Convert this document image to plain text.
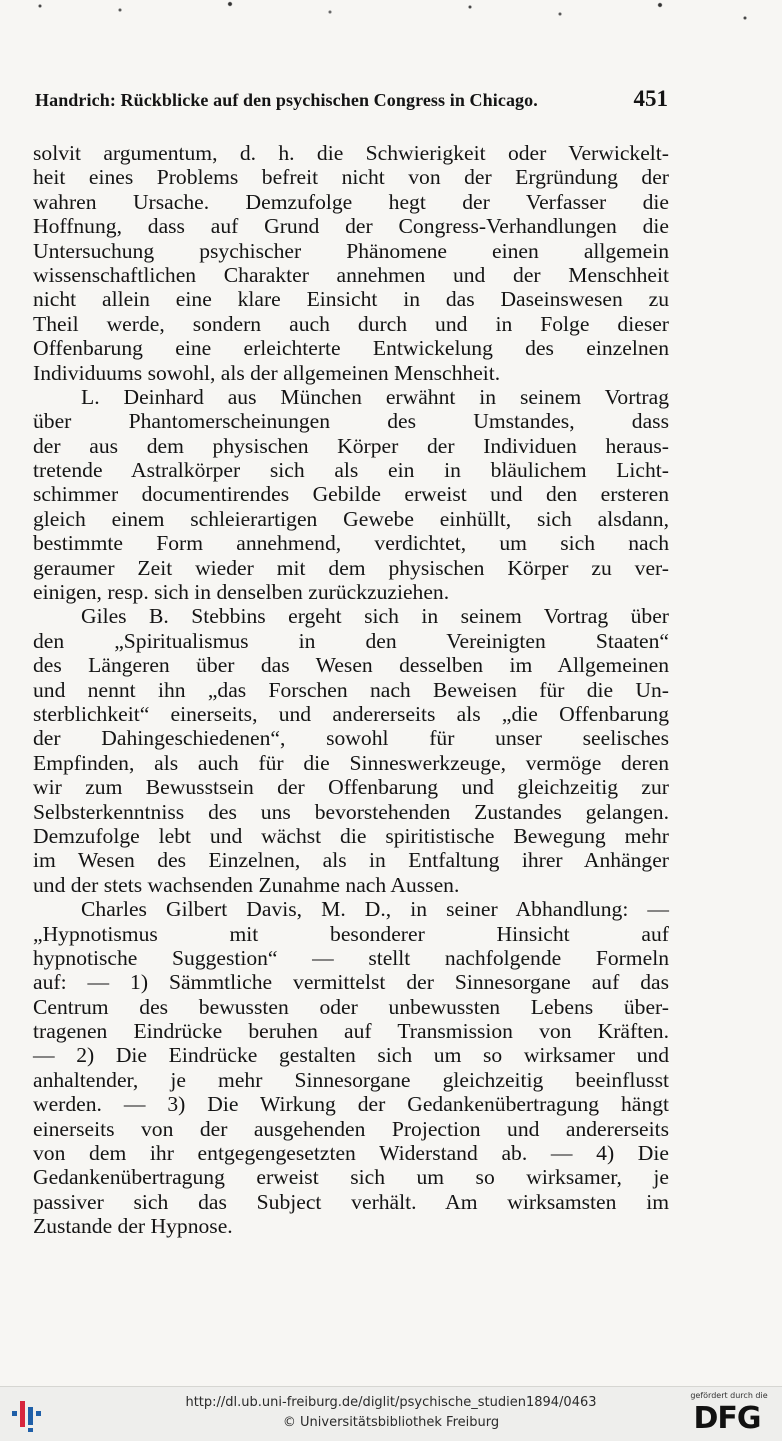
Handrich: Rückblicke auf den psychischen Congress in Chicago.	451
solvit argumentum, d. h. die Schwierigkeit oder Verwickelt-
heit eines Problems befreit nicht von der Ergründung der
wahren Ursache. Demzufolge hegt der Verfasser die
Hoffnung, dass auf Grund der Congress-Verhandlungen die
Untersuchung psychischer Phänomene einen allgemein
wissenschaftlichen Charakter annehmen und der Menschheit
nicht allein eine klare Einsicht in das Daseinswesen zu
Theil werde, sondern auch durch und in Folge dieser
Offenbarung eine erleichterte Entwickelung des einzelnen
Individuums sowohl, als der allgemeinen Menschheit.
L. Deinhard aus München erwähnt in seinem Vortrag
über Phantomerscheinungen des Umstandes, dass
der aus dem physischen Körper der Individuen heraus-
tretende Astralkörper sich als ein in bläulichem Licht-
schimmer documentirendes Gebilde erweist und den ersteren
gleich einem schleierartigen Gewebe einhüllt, sich alsdann,
bestimmte Form annehmend, verdichtet, um sich nach
geraumer Zeit wieder mit dem physischen Körper zu ver-
einigen, resp. sich in denselben zurückzuziehen.
Giles B. Stebbins ergeht sich in seinem Vortrag über
den „Spiritualismus in den Vereinigten Staaten“
des Längeren über das Wesen desselben im Allgemeinen
und nennt ihn „das Forschen nach Beweisen für die Un-
sterblichkeit“ einerseits, und andererseits als „die Offenbarung
der Dahingeschiedenen“, sowohl für unser seelisches
Empfinden, als auch für die Sinneswerkzeuge, vermöge deren
wir zum Bewusstsein der Offenbarung und gleichzeitig zur
Selbsterkenntniss des uns bevorstehenden Zustandes gelangen.
Demzufolge lebt und wächst die spiritistische Bewegung mehr
im Wesen des Einzelnen, als in Entfaltung ihrer Anhänger
und der stets wachsenden Zunahme nach Aussen.
Charles Gilbert Davis, M. D., in seiner Abhandlung: —
„Hypnotismus mit besonderer Hinsicht auf
hypnotische Suggestion“ — stellt nachfolgende Formeln
auf: — 1) Sämmtliche vermittelst der Sinnesorgane auf das
Centrum des bewussten oder unbewussten Lebens über-
tragenen Eindrücke beruhen auf Transmission von Kräften.
— 2) Die Eindrücke gestalten sich um so wirksamer und
anhaltender, je mehr Sinnesorgane gleichzeitig beeinflusst
werden. — 3) Die Wirkung der Gedankenübertragung hängt
einerseits von der ausgehenden Projection und andererseits
von dem ihr entgegengesetzten Widerstand ab. — 4) Die
Gedankenübertragung erweist sich um so wirksamer, je
passiver sich das Subject verhält. Am wirksamsten im
Zustande der Hypnose.
http://dl.ub.uni-freiburg.de/diglit/psychische_studien1894/0463
© Universitätsbibliothek Freiburg
gefördert durch die
DFG
